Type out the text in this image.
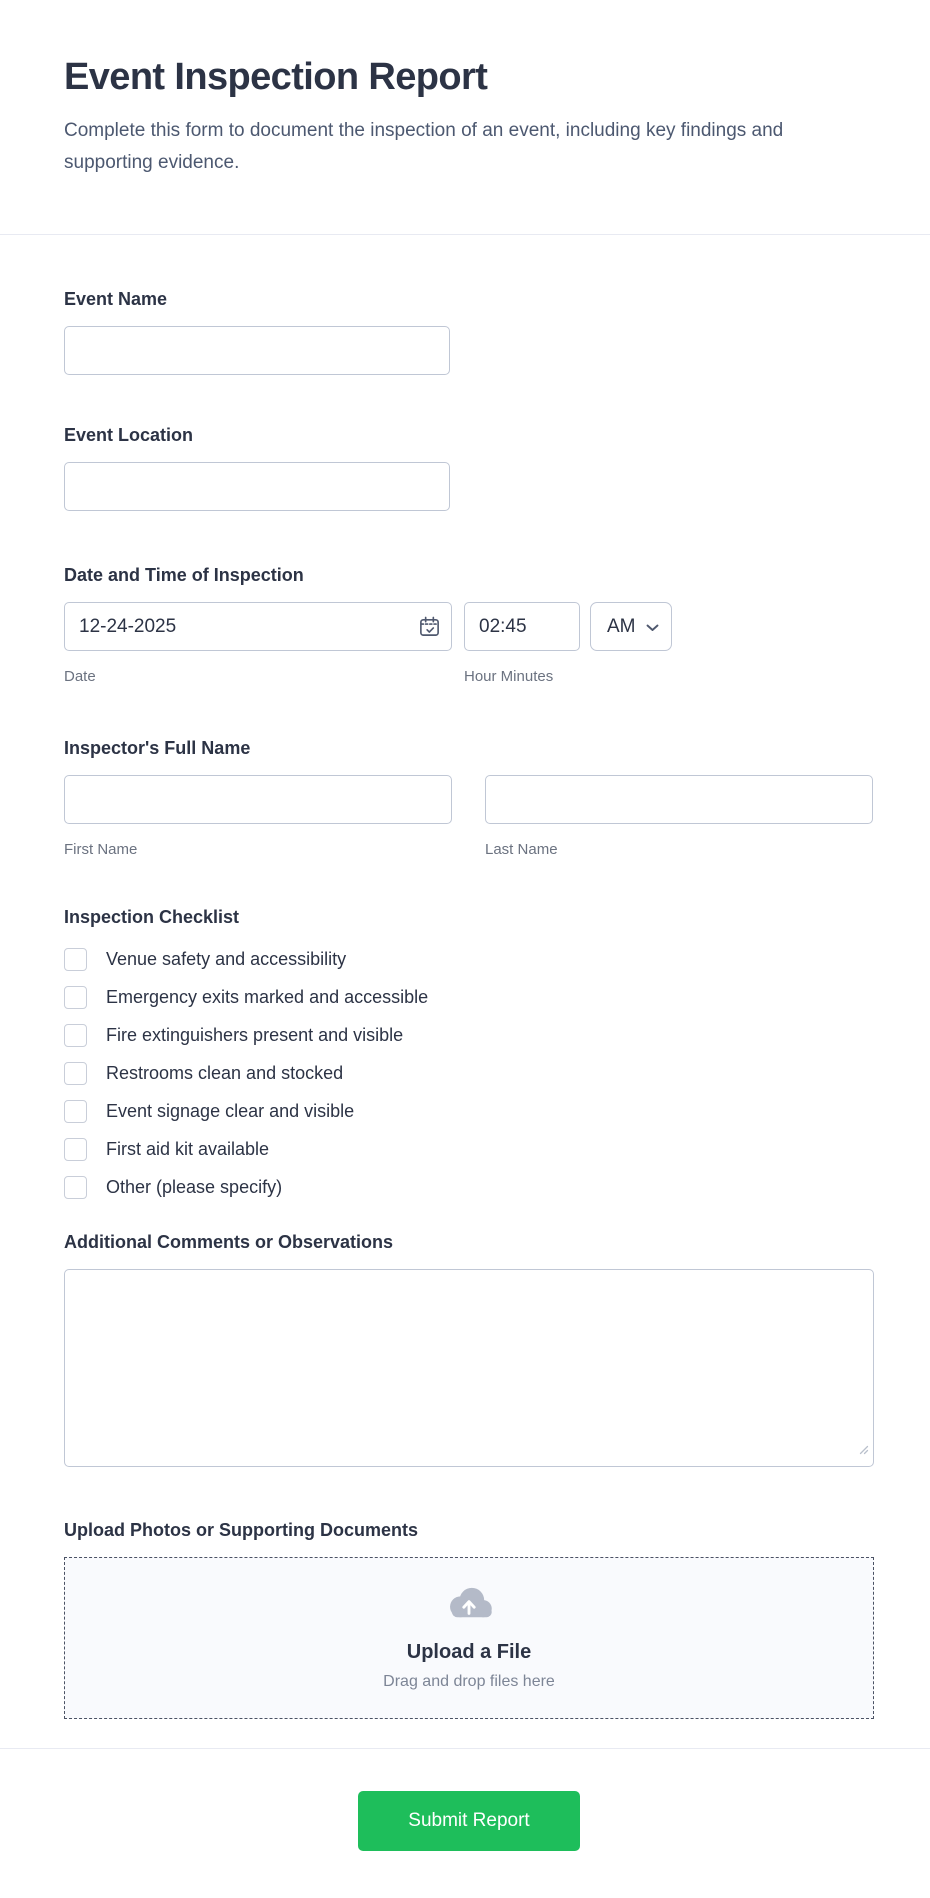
Event Inspection Report

Complete this form to document the inspection of an event, including key findings and supporting evidence.

Event Name
Event Location
Date and Time of Inspection
12-24-2025
Date
02:45	Hour Minutes
AM
Inspector's Full Name
First Name	Last Name
Inspection Checklist
Venue safety and accessibility
Emergency exits marked and accessible
Fire extinguishers present and visible
Restrooms clean and stocked
Event signage clear and visible
First aid kit available
Other (please specify)
Additional Comments or Observations
Upload Photos or Supporting Documents
Upload a File
Drag and drop files here
Submit Report
